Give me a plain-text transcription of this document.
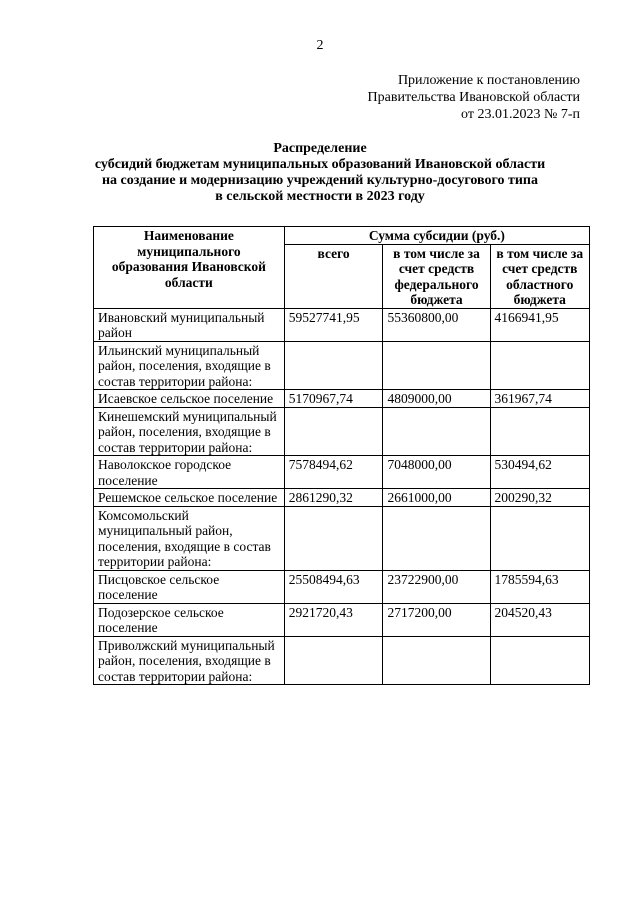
2
Приложение к постановлению
Правительства Ивановской области
от 23.01.2023 № 7-п
Распределение
субсидий бюджетам муниципальных образований Ивановской области
на создание и модернизацию учреждений культурно-досугового типа
в сельской местности в 2023 году
Наименование муниципального образования Ивановской области	Сумма субсидии (руб.)		
	всего	в том числе за счет средств федерального бюджета	в том числе за счет средств областного бюджета
Ивановский муниципальный район	59527741,95	55360800,00	4166941,95
Ильинский муниципальный район, поселения, входящие в состав территории района:			
Исаевское сельское поселение	5170967,74	4809000,00	361967,74
Кинешемский муниципальный район, поселения, входящие в состав территории района:			
Наволокское городское поселение	7578494,62	7048000,00	530494,62
Решемское сельское поселение	2861290,32	2661000,00	200290,32
Комсомольский муниципальный район, поселения, входящие в состав территории района:			
Писцовское сельское поселение	25508494,63	23722900,00	1785594,63
Подозерское сельское поселение	2921720,43	2717200,00	204520,43
Приволжский муниципальный район, поселения, входящие в состав территории района:			
